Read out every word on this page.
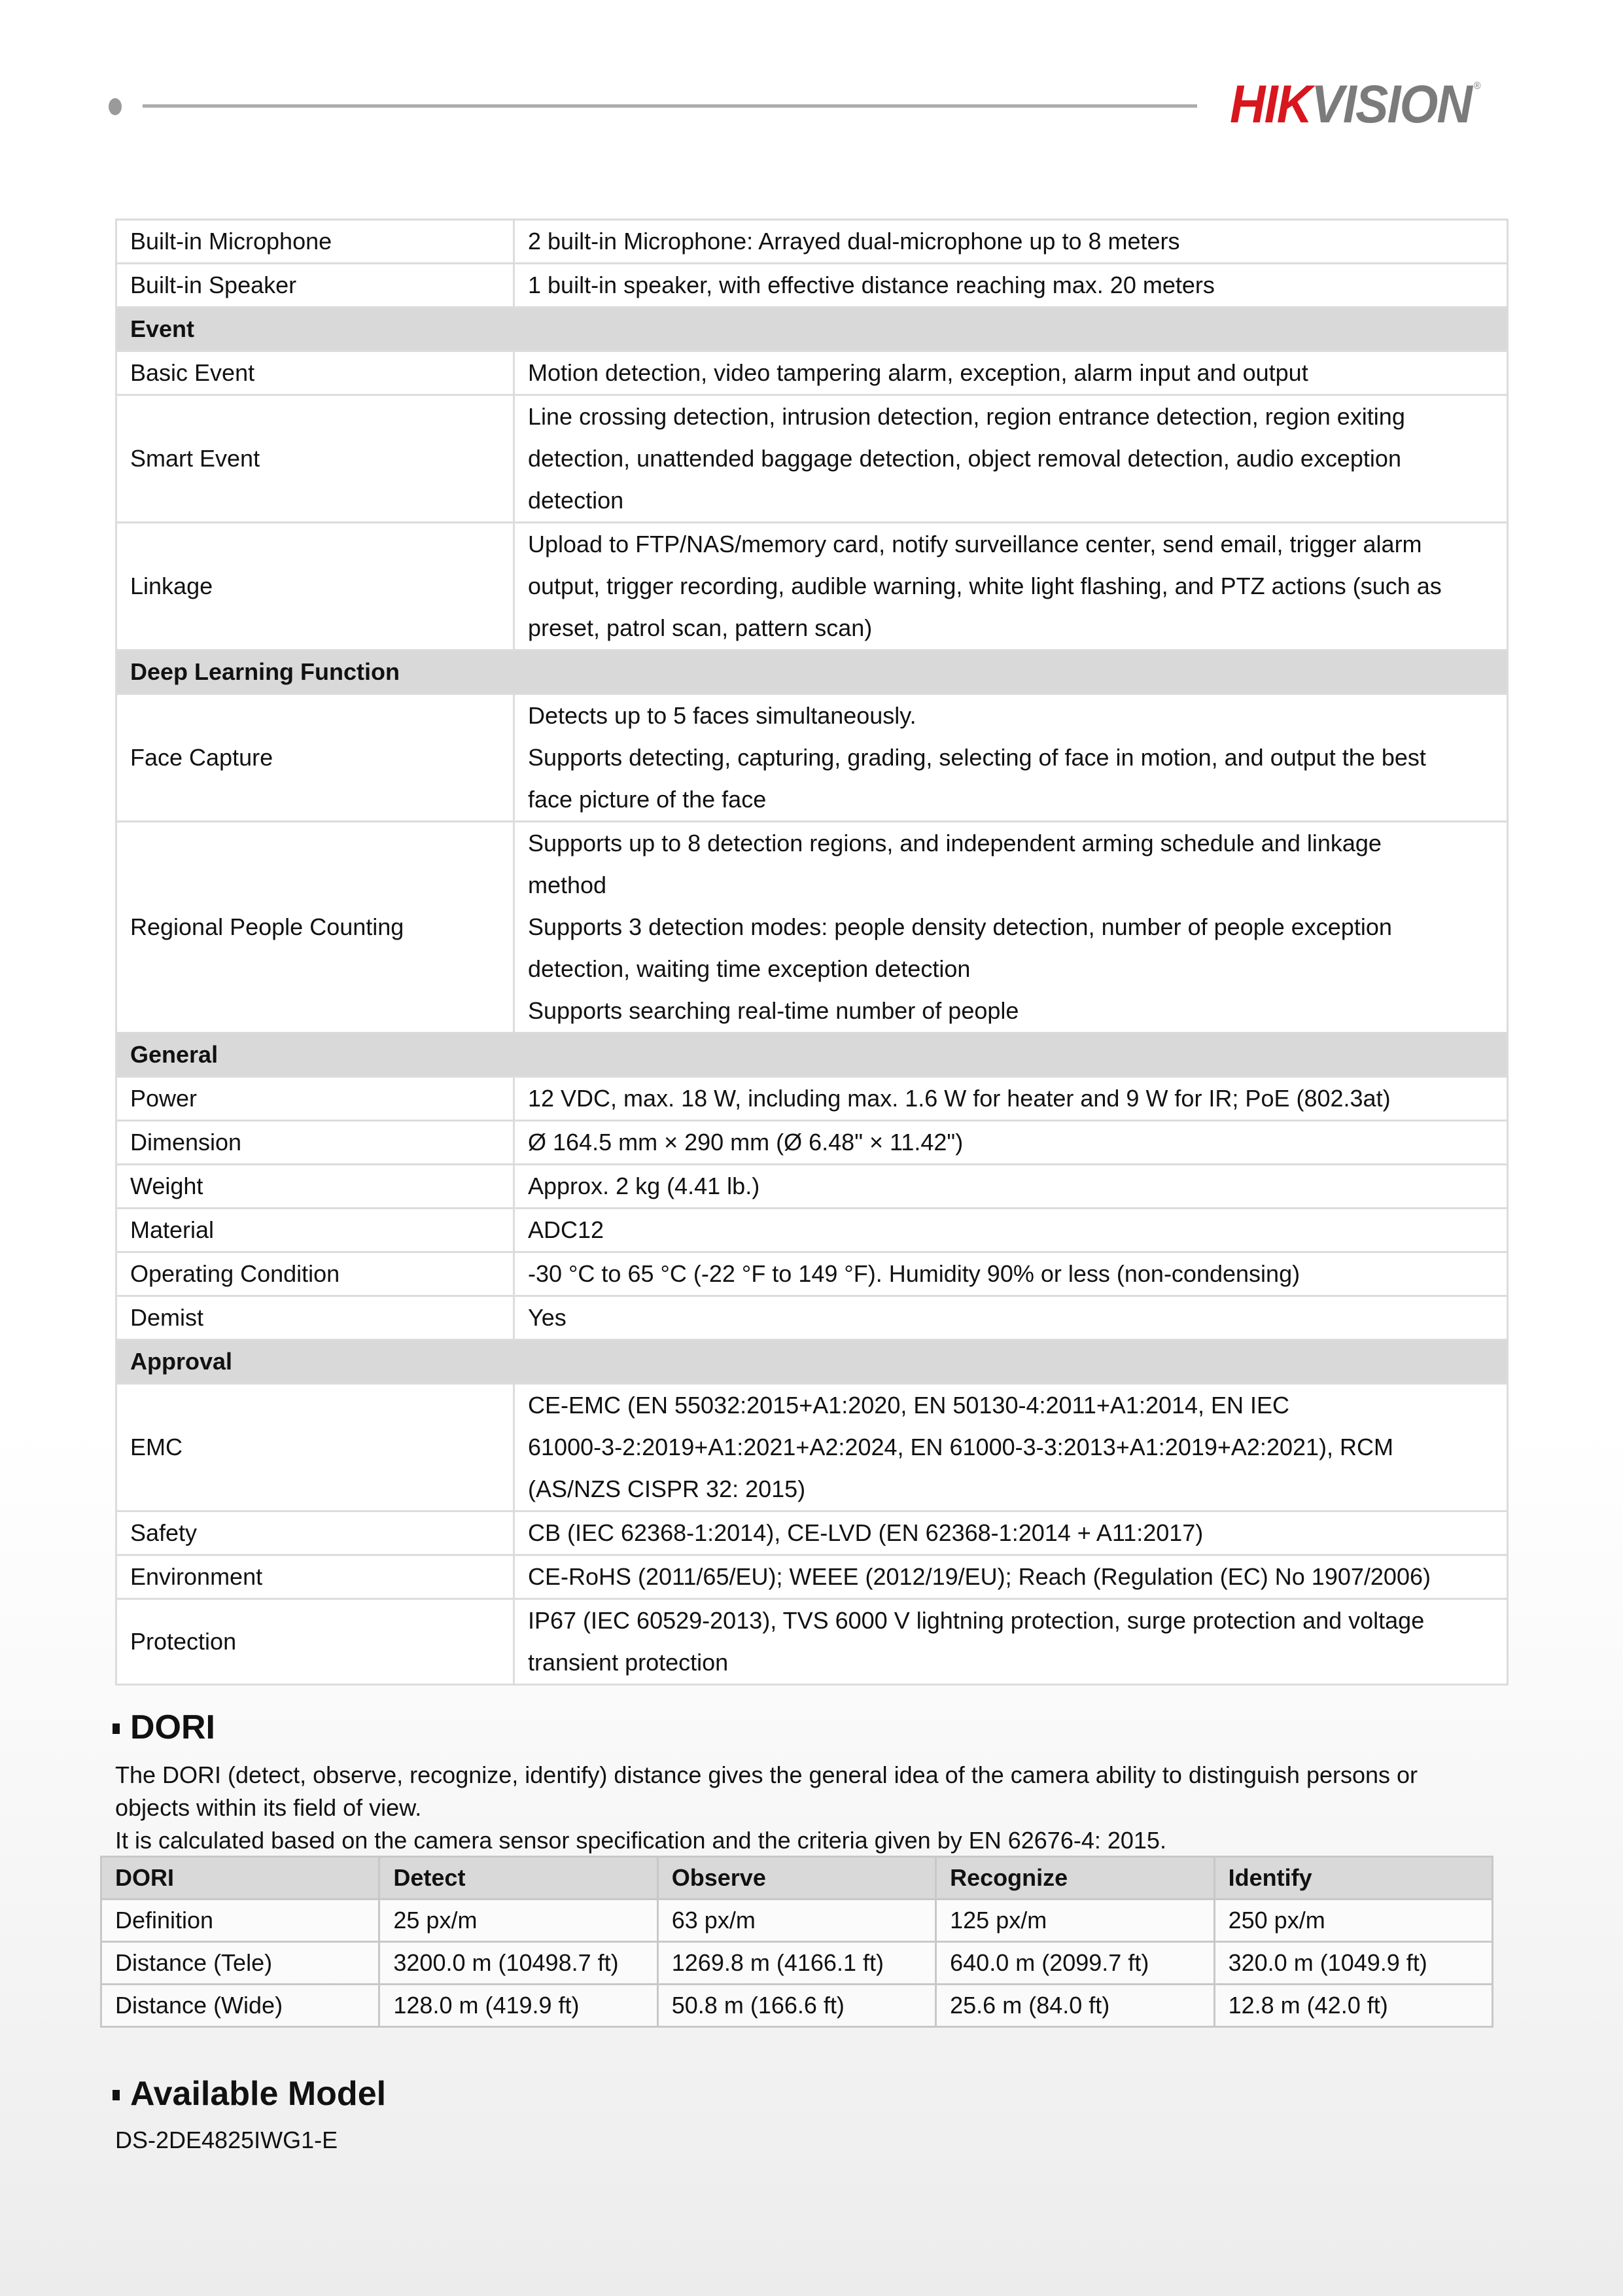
HIK VISION ®
Built-in Microphone	2 built-in Microphone: Arrayed dual-microphone up to 8 meters

Built-in Speaker	1 built-in speaker, with effective distance reaching max. 20 meters

Event	
Basic Event	Motion detection, video tampering alarm, exception, alarm input and output

Smart Event	Line crossing detection, intrusion detection, region entrance detection, region exiting
detection, unattended baggage detection, object removal detection, audio exception
detection

Linkage	Upload to FTP/NAS/memory card, notify surveillance center, send email, trigger alarm
output, trigger recording, audible warning, white light flashing, and PTZ actions (such as
preset, patrol scan, pattern scan)

Deep Learning Function	
Face Capture	Detects up to 5 faces simultaneously.
Supports detecting, capturing, grading, selecting of face in motion, and output the best
face picture of the face

Regional People Counting	Supports up to 8 detection regions, and independent arming schedule and linkage
method
Supports 3 detection modes: people density detection, number of people exception
detection, waiting time exception detection
Supports searching real-time number of people

General	
Power	12 VDC, max. 18 W, including max. 1.6 W for heater and 9 W for IR; PoE (802.3at)

Dimension	Ø 164.5 mm × 290 mm (Ø 6.48" × 11.42")

Weight	Approx. 2 kg (4.41 lb.)

Material	ADC12

Operating Condition	-30 °C to 65 °C (-22 °F to 149 °F). Humidity 90% or less (non-condensing)

Demist	Yes

Approval	
EMC	CE-EMC (EN 55032:2015+A1:2020, EN 50130-4:2011+A1:2014, EN IEC
61000-3-2:2019+A1:2021+A2:2024, EN 61000-3-3:2013+A1:2019+A2:2021), RCM
(AS/NZS CISPR 32: 2015)

Safety	CB (IEC 62368-1:2014), CE-LVD (EN 62368-1:2014 + A11:2017)

Environment	CE-RoHS (2011/65/EU); WEEE (2012/19/EU); Reach (Regulation (EC) No 1907/2006)

Protection	IP67 (IEC 60529-2013), TVS 6000 V lightning protection, surge protection and voltage
transient protection
DORI
The DORI (detect, observe, recognize, identify) distance gives the general idea of the camera ability to distinguish persons or
objects within its field of view.
It is calculated based on the camera sensor specification and the criteria given by EN 62676-4: 2015.
DORI	Detect	Observe	Recognize	Identify
Definition	25 px/m	63 px/m	125 px/m	250 px/m
Distance (Tele)	3200.0 m (10498.7 ft)	1269.8 m (4166.1 ft)	640.0 m (2099.7 ft)	320.0 m (1049.9 ft)
Distance (Wide)	128.0 m (419.9 ft)	50.8 m (166.6 ft)	25.6 m (84.0 ft)	12.8 m (42.0 ft)
Available Model
DS-2DE4825IWG1-E
